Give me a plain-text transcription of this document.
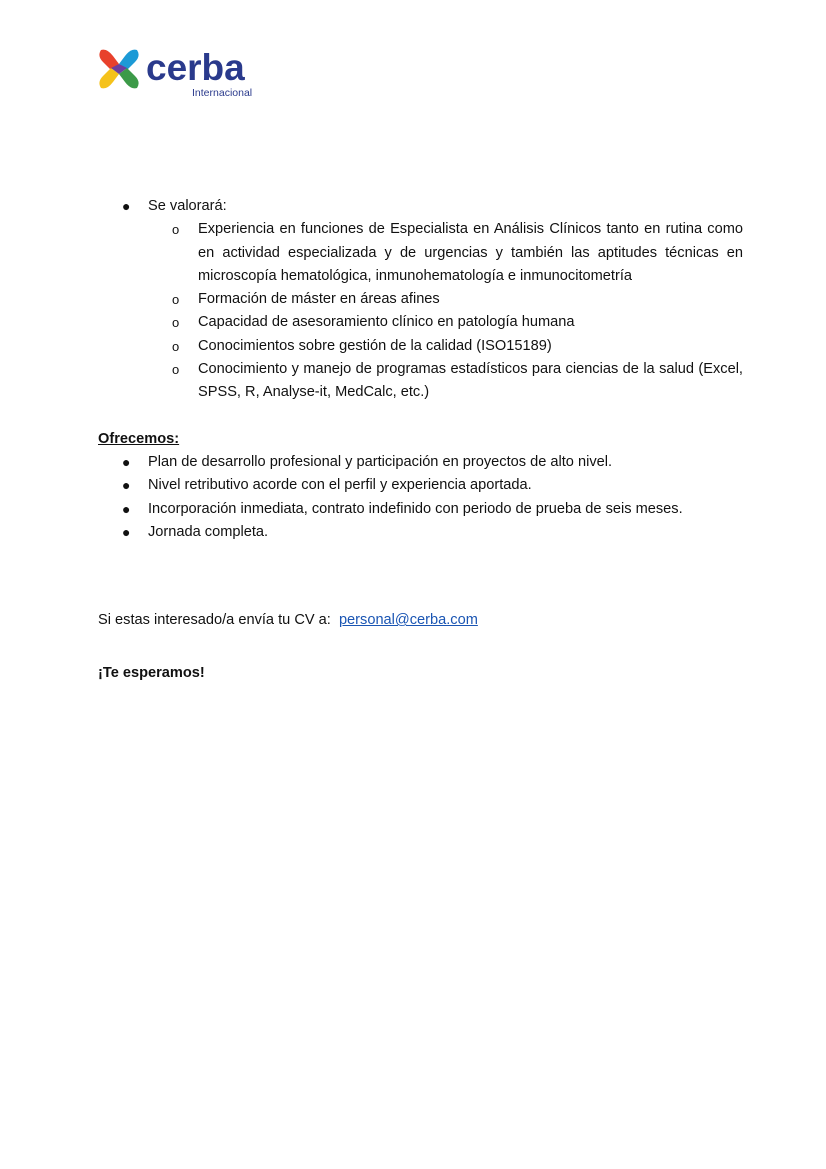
cerba
Internacional
● Se valorará:
o Experiencia en funciones de Especialista en Análisis Clínicos tanto en rutina como en actividad especializada y de urgencias y también las aptitudes técnicas en microscopía hematológica, inmunohematología e inmunocitometría
o Formación de máster en áreas afines
o Capacidad de asesoramiento clínico en patología humana
o Conocimientos sobre gestión de la calidad (ISO15189)
o Conocimiento y manejo de programas estadísticos para ciencias de la salud (Excel, SPSS, R, Analyse-it, MedCalc, etc.)
Ofrecemos:
● Plan de desarrollo profesional y participación en proyectos de alto nivel.
● Nivel retributivo acorde con el perfil y experiencia aportada.
● Incorporación inmediata, contrato indefinido con periodo de prueba de seis meses.
● Jornada completa.
Si estas interesado/a envía tu CV a: personal@cerba.com
¡Te esperamos!
